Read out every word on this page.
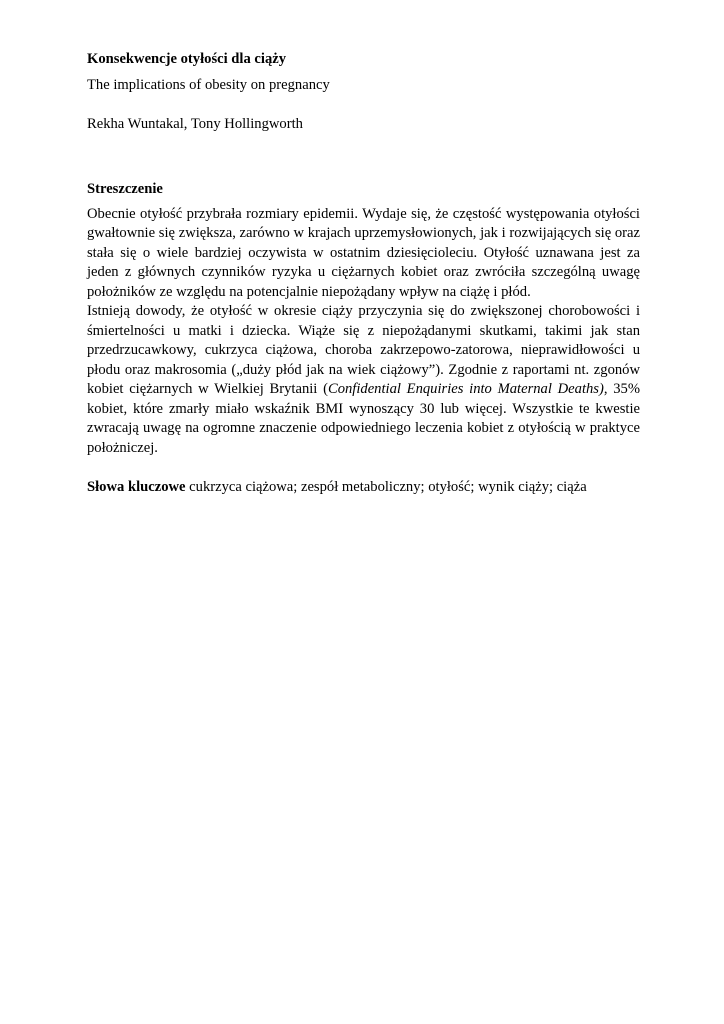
Konsekwencje otyłości dla ciąży

The implications of obesity on pregnancy

Rekha Wuntakal, Tony Hollingworth

Streszczenie

Obecnie otyłość przybrała rozmiary epidemii. Wydaje się, że częstość występowania otyłości gwałtownie się zwiększa, zarówno w krajach uprzemysłowionych, jak i rozwijających się oraz stała się o wiele bardziej oczywista w ostatnim dziesięcioleciu. Otyłość uznawana jest za jeden z głównych czynników ryzyka u ciężarnych kobiet oraz zwróciła szczególną uwagę położników ze względu na potencjalnie niepożądany wpływ na ciążę i płód.

Istnieją dowody, że otyłość w okresie ciąży przyczynia się do zwiększonej chorobowości i śmiertelności u matki i dziecka. Wiąże się z niepożądanymi skutkami, takimi jak stan przedrzucawkowy, cukrzyca ciążowa, choroba zakrzepowo-zatorowa, nieprawidłowości u płodu oraz makrosomia („duży płód jak na wiek ciążowy”). Zgodnie z raportami nt. zgonów kobiet ciężarnych w Wielkiej Brytanii (Confidential Enquiries into Maternal Deaths), 35% kobiet, które zmarły miało wskaźnik BMI wynoszący 30 lub więcej. Wszystkie te kwestie zwracają uwagę na ogromne znaczenie odpowiedniego leczenia kobiet z otyłością w praktyce położniczej.

Słowa kluczowe cukrzyca ciążowa; zespół metaboliczny; otyłość; wynik ciąży; ciąża
